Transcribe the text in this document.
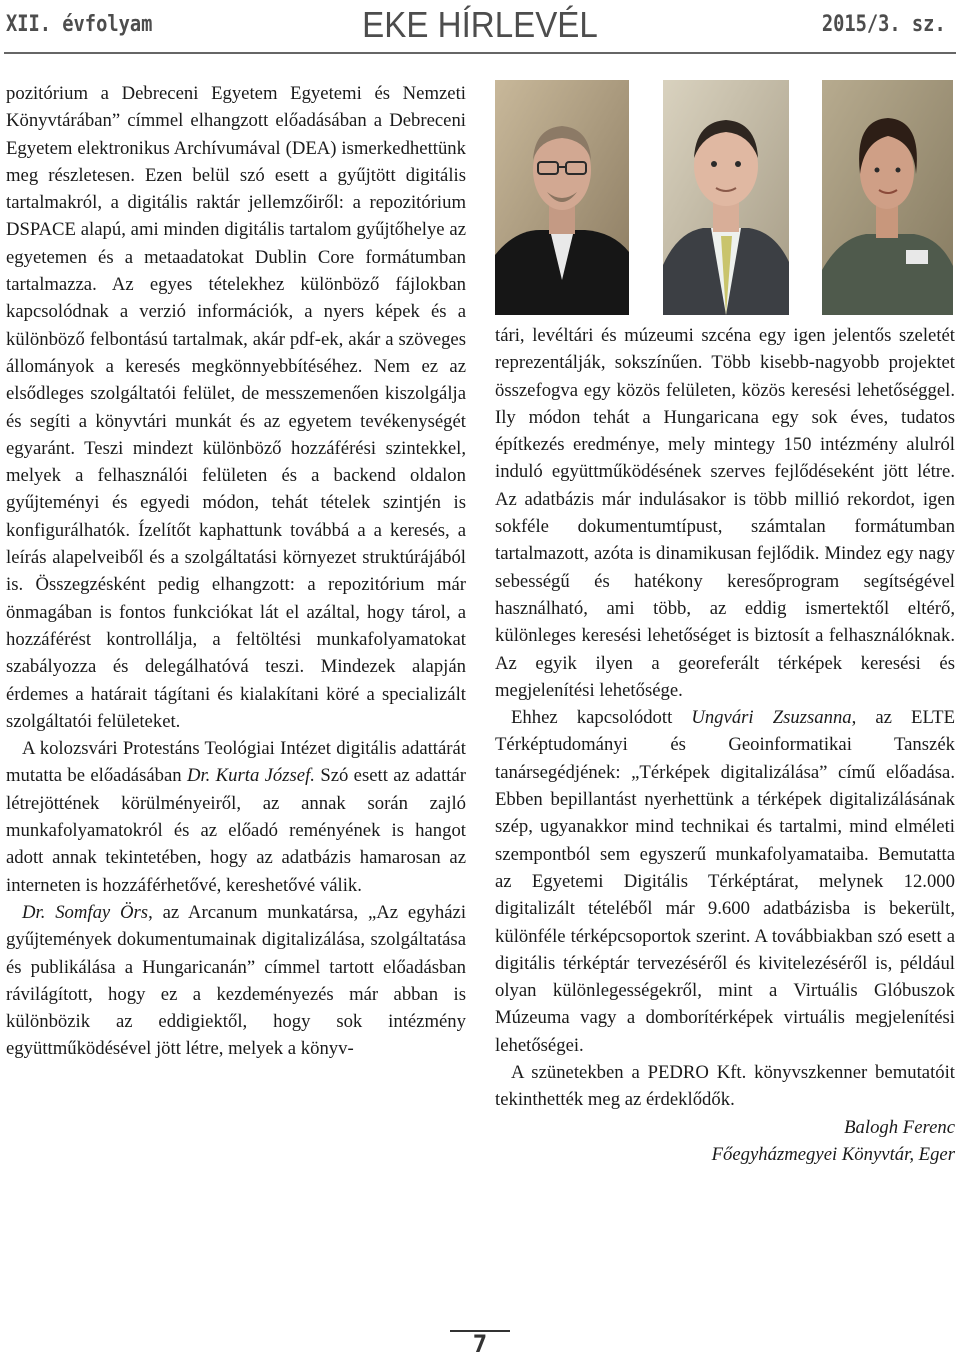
XII. évfolyam	EKE HÍRLEVÉL	2015/3. sz.

pozitórium a Debreceni Egyetem Egyetemi és Nemzeti Könyvtárában” címmel elhangzott előadásában a Debreceni Egyetem elektronikus Archívumával (DEA) ismerkedhettünk meg részletesen. Ezen belül szó esett a gyűjtött digitális tartalmakról, a digitális raktár jellemzőiről: a repozitórium DSPACE alapú, ami minden digitális tartalom gyűjtőhelye az egyetemen és a metaadatokat Dublin Core formátumban tartalmazza. Az egyes tételekhez különböző fájlokban kapcsolódnak a verzió információk, a nyers képek és a különböző felbontású tartalmak, akár pdf-ek, akár a szöveges állományok a keresés megkönnyebbítéséhez. Nem ez az elsődleges szolgáltatói felület, de messzemenően kiszolgálja és segíti a könyvtári munkát és az egyetem tevékenységét egyaránt. Teszi mindezt különböző hozzáférési szintekkel, melyek a felhasználói felületen és a backend oldalon gyűjteményi és egyedi módon, tehát tételek szintjén is konfigurálhatók. Ízelítőt kaphattunk továbbá a a keresés, a leírás alapelveiből és a szolgáltatási környezet struktúrájából is. Összegzésként pedig elhangzott: a repozitórium már önmagában is fontos funkciókat lát el azáltal, hogy tárol, a hozzáférést kontrollálja, a feltöltési munkafolyamatokat szabályozza és delegálhatóvá teszi. Mindezek alapján érdemes a határait tágítani és kialakítani köré a specializált szolgáltatói felületeket.

A kolozsvári Protestáns Teológiai Intézet digitális adattárát mutatta be előadásában Dr. Kurta József. Szó esett az adattár létrejöttének körülményeiről, az annak során zajló munkafolyamatokról és az előadó reményének is hangot adott annak tekintetében, hogy az adatbázis hamarosan az interneten is hozzáférhetővé, kereshetővé válik.

Dr. Somfay Örs, az Arcanum munkatársa, „Az egyházi gyűjtemények dokumentumainak digitalizálása, szolgáltatása és publikálása a Hungaricanán” címmel tartott előadásban rávilágított, hogy ez a kezdeményezés már abban is különbözik az eddigiektől, hogy sok intézmény együttműködésével jött létre, melyek a könyv-

tári, levéltári és múzeumi szcéna egy igen jelentős szeletét reprezentálják, sokszínűen. Több kisebb-nagyobb projektet összefogva egy közös felületen, közös keresési lehetőséggel. Ily módon tehát a Hungaricana egy sok éves, tudatos építkezés eredménye, mely mintegy 150 intézmény alulról induló együttműködésének szerves fejlődéseként jött létre. Az adatbázis már indulásakor is több millió rekordot, igen sokféle dokumentumtípust, számtalan formátumban tartalmazott, azóta is dinamikusan fejlődik. Mindez egy nagy sebességű és hatékony keresőprogram segítségével használható, ami több, az eddig ismertektől eltérő, különleges keresési lehetőséget is biztosít a felhasználóknak. Az egyik ilyen a georeferált térképek keresési és megjelenítési lehetősége.

Ehhez kapcsolódott Ungvári Zsuzsanna, az ELTE Térképtudományi és Geoinformatikai Tanszék tanársegédjének: „Térképek digitalizálása” című előadása. Ebben bepillantást nyerhettünk a térképek digitalizálásának szép, ugyanakkor mind technikai és tartalmi, mind elméleti szempontból sem egyszerű munkafolyamataiba. Bemutatta az Egyetemi Digitális Térképtárat, melynek 12.000 digitalizált tételéből már 9.600 adatbázisba is bekerült, különféle térképcsoportok szerint. A továbbiakban szó esett a digitális térképtár tervezéséről és kivitelezéséről is, például olyan különlegességekről, mint a Virtuális Glóbuszok Múzeuma vagy a domborítérképek virtuális megjelenítési lehetőségei.

A szünetekben a PEDRO Kft. könyvszkenner bemutatóit tekinthették meg az érdeklődők.

Balogh Ferenc

Főegyházmegyei Könyvtár, Eger

7
